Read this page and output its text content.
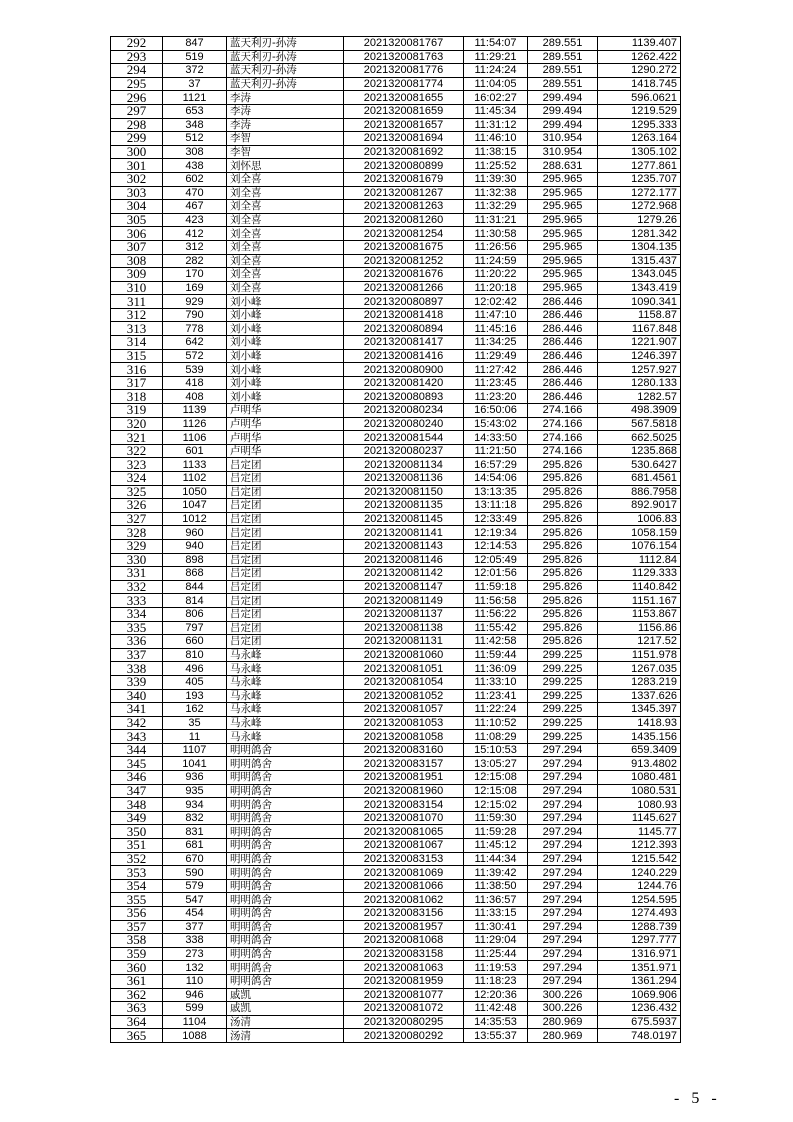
292	847	蓝天利刃-孙涛	2021320081767	11:54:07	289.551	1139.407
293	519	蓝天利刃-孙涛	2021320081763	11:29:21	289.551	1262.422
294	372	蓝天利刃-孙涛	2021320081776	11:24:24	289.551	1290.272
295	37	蓝天利刃-孙涛	2021320081774	11:04:05	289.551	1418.745
296	1121	李涛	2021320081655	16:02:27	299.494	596.0621
297	653	李涛	2021320081659	11:45:34	299.494	1219.529
298	348	李涛	2021320081657	11:31:12	299.494	1295.333
299	512	李智	2021320081694	11:46:10	310.954	1263.164
300	308	李智	2021320081692	11:38:15	310.954	1305.102
301	438	刘怀思	2021320080899	11:25:52	288.631	1277.861
302	602	刘全喜	2021320081679	11:39:30	295.965	1235.707
303	470	刘全喜	2021320081267	11:32:38	295.965	1272.177
304	467	刘全喜	2021320081263	11:32:29	295.965	1272.968
305	423	刘全喜	2021320081260	11:31:21	295.965	1279.26
306	412	刘全喜	2021320081254	11:30:58	295.965	1281.342
307	312	刘全喜	2021320081675	11:26:56	295.965	1304.135
308	282	刘全喜	2021320081252	11:24:59	295.965	1315.437
309	170	刘全喜	2021320081676	11:20:22	295.965	1343.045
310	169	刘全喜	2021320081266	11:20:18	295.965	1343.419
311	929	刘小峰	2021320080897	12:02:42	286.446	1090.341
312	790	刘小峰	2021320081418	11:47:10	286.446	1158.87
313	778	刘小峰	2021320080894	11:45:16	286.446	1167.848
314	642	刘小峰	2021320081417	11:34:25	286.446	1221.907
315	572	刘小峰	2021320081416	11:29:49	286.446	1246.397
316	539	刘小峰	2021320080900	11:27:42	286.446	1257.927
317	418	刘小峰	2021320081420	11:23:45	286.446	1280.133
318	408	刘小峰	2021320080893	11:23:20	286.446	1282.57
319	1139	卢明华	2021320080234	16:50:06	274.166	498.3909
320	1126	卢明华	2021320080240	15:43:02	274.166	567.5818
321	1106	卢明华	2021320081544	14:33:50	274.166	662.5025
322	601	卢明华	2021320080237	11:21:50	274.166	1235.868
323	1133	吕定团	2021320081134	16:57:29	295.826	530.6427
324	1102	吕定团	2021320081136	14:54:06	295.826	681.4561
325	1050	吕定团	2021320081150	13:13:35	295.826	886.7958
326	1047	吕定团	2021320081135	13:11:18	295.826	892.9017
327	1012	吕定团	2021320081145	12:33:49	295.826	1006.83
328	960	吕定团	2021320081141	12:19:34	295.826	1058.159
329	940	吕定团	2021320081143	12:14:53	295.826	1076.154
330	898	吕定团	2021320081146	12:05:49	295.826	1112.84
331	868	吕定团	2021320081142	12:01:56	295.826	1129.333
332	844	吕定团	2021320081147	11:59:18	295.826	1140.842
333	814	吕定团	2021320081149	11:56:58	295.826	1151.167
334	806	吕定团	2021320081137	11:56:22	295.826	1153.867
335	797	吕定团	2021320081138	11:55:42	295.826	1156.86
336	660	吕定团	2021320081131	11:42:58	295.826	1217.52
337	810	马永峰	2021320081060	11:59:44	299.225	1151.978
338	496	马永峰	2021320081051	11:36:09	299.225	1267.035
339	405	马永峰	2021320081054	11:33:10	299.225	1283.219
340	193	马永峰	2021320081052	11:23:41	299.225	1337.626
341	162	马永峰	2021320081057	11:22:24	299.225	1345.397
342	35	马永峰	2021320081053	11:10:52	299.225	1418.93
343	11	马永峰	2021320081058	11:08:29	299.225	1435.156
344	1107	明明鸽舍	2021320083160	15:10:53	297.294	659.3409
345	1041	明明鸽舍	2021320083157	13:05:27	297.294	913.4802
346	936	明明鸽舍	2021320081951	12:15:08	297.294	1080.481
347	935	明明鸽舍	2021320081960	12:15:08	297.294	1080.531
348	934	明明鸽舍	2021320083154	12:15:02	297.294	1080.93
349	832	明明鸽舍	2021320081070	11:59:30	297.294	1145.627
350	831	明明鸽舍	2021320081065	11:59:28	297.294	1145.77
351	681	明明鸽舍	2021320081067	11:45:12	297.294	1212.393
352	670	明明鸽舍	2021320083153	11:44:34	297.294	1215.542
353	590	明明鸽舍	2021320081069	11:39:42	297.294	1240.229
354	579	明明鸽舍	2021320081066	11:38:50	297.294	1244.76
355	547	明明鸽舍	2021320081062	11:36:57	297.294	1254.595
356	454	明明鸽舍	2021320083156	11:33:15	297.294	1274.493
357	377	明明鸽舍	2021320081957	11:30:41	297.294	1288.739
358	338	明明鸽舍	2021320081068	11:29:04	297.294	1297.777
359	273	明明鸽舍	2021320083158	11:25:44	297.294	1316.971
360	132	明明鸽舍	2021320081063	11:19:53	297.294	1351.971
361	110	明明鸽舍	2021320081959	11:18:23	297.294	1361.294
362	946	戚凯	2021320081077	12:20:36	300.226	1069.906
363	599	戚凯	2021320081072	11:42:48	300.226	1236.432
364	1104	汤清	2021320080295	14:35:53	280.969	675.5937
365	1088	汤清	2021320080292	13:55:37	280.969	748.0197
- 5 -
